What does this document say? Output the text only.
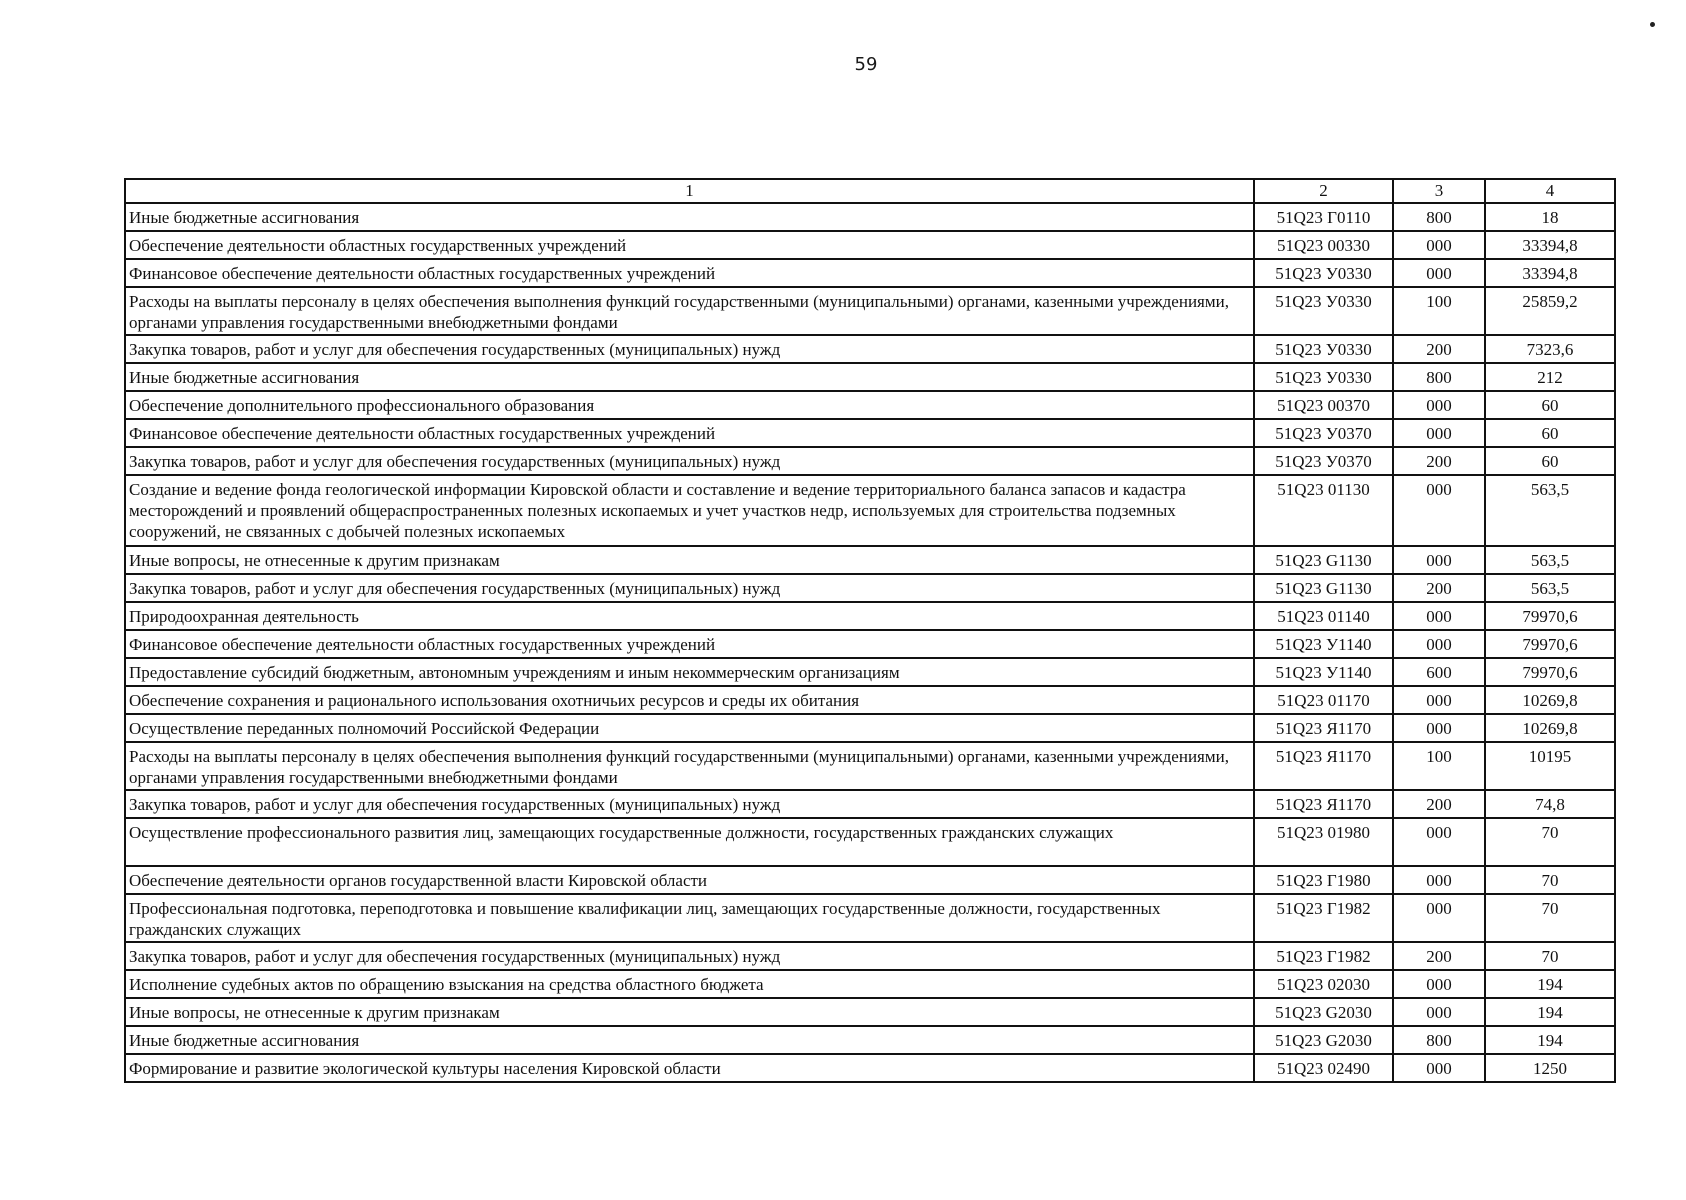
59
1	2	3	4
Иные бюджетные ассигнования	51Q23 Г0110	800	18
Обеспечение деятельности областных государственных учреждений	51Q23 00330	000	33394,8
Финансовое обеспечение деятельности областных государственных учреждений	51Q23 У0330	000	33394,8
Расходы на выплаты персоналу в целях обеспечения выполнения функций государственными (муниципальными) органами, казенными учреждениями, органами управления государственными внебюджетными фондами	51Q23 У0330	100	25859,2
Закупка товаров, работ и услуг для обеспечения государственных (муниципальных) нужд	51Q23 У0330	200	7323,6
Иные бюджетные ассигнования	51Q23 У0330	800	212
Обеспечение дополнительного профессионального образования	51Q23 00370	000	60
Финансовое обеспечение деятельности областных государственных учреждений	51Q23 У0370	000	60
Закупка товаров, работ и услуг для обеспечения государственных (муниципальных) нужд	51Q23 У0370	200	60
Создание и ведение фонда геологической информации Кировской области и составление и ведение территориального баланса запасов и кадастра месторождений и проявлений общераспространенных полезных ископаемых и учет участков недр, используемых для строительства подземных сооружений, не связанных с добычей полезных ископаемых	51Q23 01130	000	563,5
Иные вопросы, не отнесенные к другим признакам	51Q23 G1130	000	563,5
Закупка товаров, работ и услуг для обеспечения государственных (муниципальных) нужд	51Q23 G1130	200	563,5
Природоохранная деятельность	51Q23 01140	000	79970,6
Финансовое обеспечение деятельности областных государственных учреждений	51Q23 У1140	000	79970,6
Предоставление субсидий бюджетным, автономным учреждениям и иным некоммерческим организациям	51Q23 У1140	600	79970,6
Обеспечение сохранения и рационального использования охотничьих ресурсов и среды их обитания	51Q23 01170	000	10269,8
Осуществление переданных полномочий Российской Федерации	51Q23 Я1170	000	10269,8
Расходы на выплаты персоналу в целях обеспечения выполнения функций государственными (муниципальными) органами, казенными учреждениями, органами управления государственными внебюджетными фондами	51Q23 Я1170	100	10195
Закупка товаров, работ и услуг для обеспечения государственных (муниципальных) нужд	51Q23 Я1170	200	74,8
Осуществление профессионального развития лиц, замещающих государственные должности, государственных гражданских служащих	51Q23 01980	000	70
Обеспечение деятельности органов государственной власти Кировской области	51Q23 Г1980	000	70
Профессиональная подготовка, переподготовка и повышение квалификации лиц, замещающих государственные должности, государственных гражданских служащих	51Q23 Г1982	000	70
Закупка товаров, работ и услуг для обеспечения государственных (муниципальных) нужд	51Q23 Г1982	200	70
Исполнение судебных актов по обращению взыскания на средства областного бюджета	51Q23 02030	000	194
Иные вопросы, не отнесенные к другим признакам	51Q23 G2030	000	194
Иные бюджетные ассигнования	51Q23 G2030	800	194
Формирование и развитие экологической культуры населения Кировской области	51Q23 02490	000	1250
